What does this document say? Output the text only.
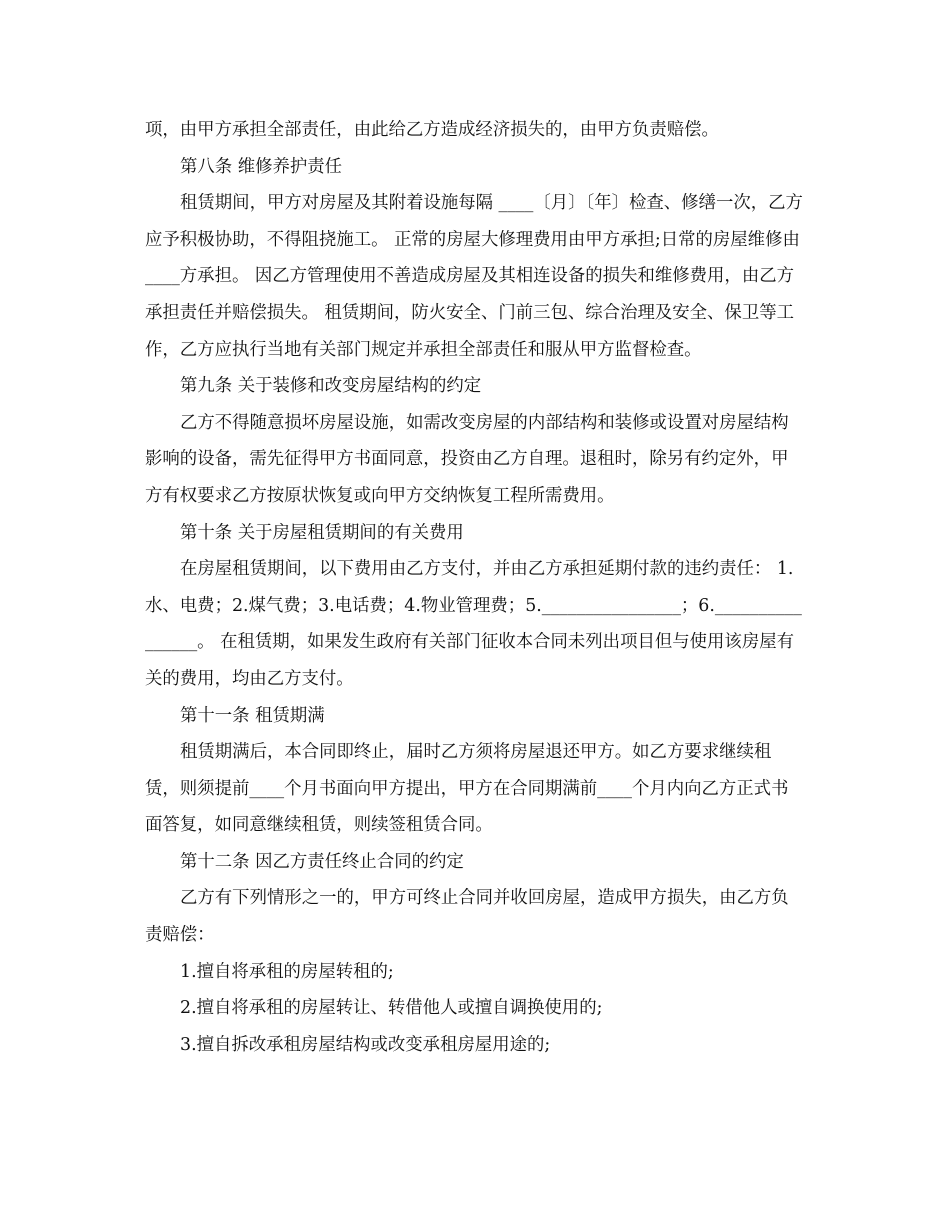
项，由甲方承担全部责任，由此给乙方造成经济损失的，由甲方负责赔偿。

第八条 维修养护责任

租赁期间，甲方对房屋及其附着设施每隔 ____〔月〕〔年〕检查、修缮一次，乙方应予积极协助，不得阻挠施工。 正常的房屋大修理费用由甲方承担;日常的房屋维修由____方承担。 因乙方管理使用不善造成房屋及其相连设备的损失和维修费用，由乙方承担责任并赔偿损失。 租赁期间，防火安全、门前三包、综合治理及安全、保卫等工作，乙方应执行当地有关部门规定并承担全部责任和服从甲方监督检查。

第九条 关于装修和改变房屋结构的约定

乙方不得随意损坏房屋设施，如需改变房屋的内部结构和装修或设置对房屋结构影响的设备，需先征得甲方书面同意，投资由乙方自理。退租时，除另有约定外，甲方有权要求乙方按原状恢复或向甲方交纳恢复工程所需费用。

第十条 关于房屋租赁期间的有关费用

在房屋租赁期间，以下费用由乙方支付，并由乙方承担延期付款的违约责任： 1.水、电费；2.煤气费；3.电话费；4.物业管理费；5.________________；6.________________。 在租赁期，如果发生政府有关部门征收本合同未列出项目但与使用该房屋有关的费用，均由乙方支付。

第十一条 租赁期满

租赁期满后，本合同即终止，届时乙方须将房屋退还甲方。如乙方要求继续租赁，则须提前____个月书面向甲方提出，甲方在合同期满前____个月内向乙方正式书面答复，如同意继续租赁，则续签租赁合同。

第十二条 因乙方责任终止合同的约定

乙方有下列情形之一的，甲方可终止合同并收回房屋，造成甲方损失，由乙方负责赔偿：

1.擅自将承租的房屋转租的;

2.擅自将承租的房屋转让、转借他人或擅自调换使用的;

3.擅自拆改承租房屋结构或改变承租房屋用途的;
